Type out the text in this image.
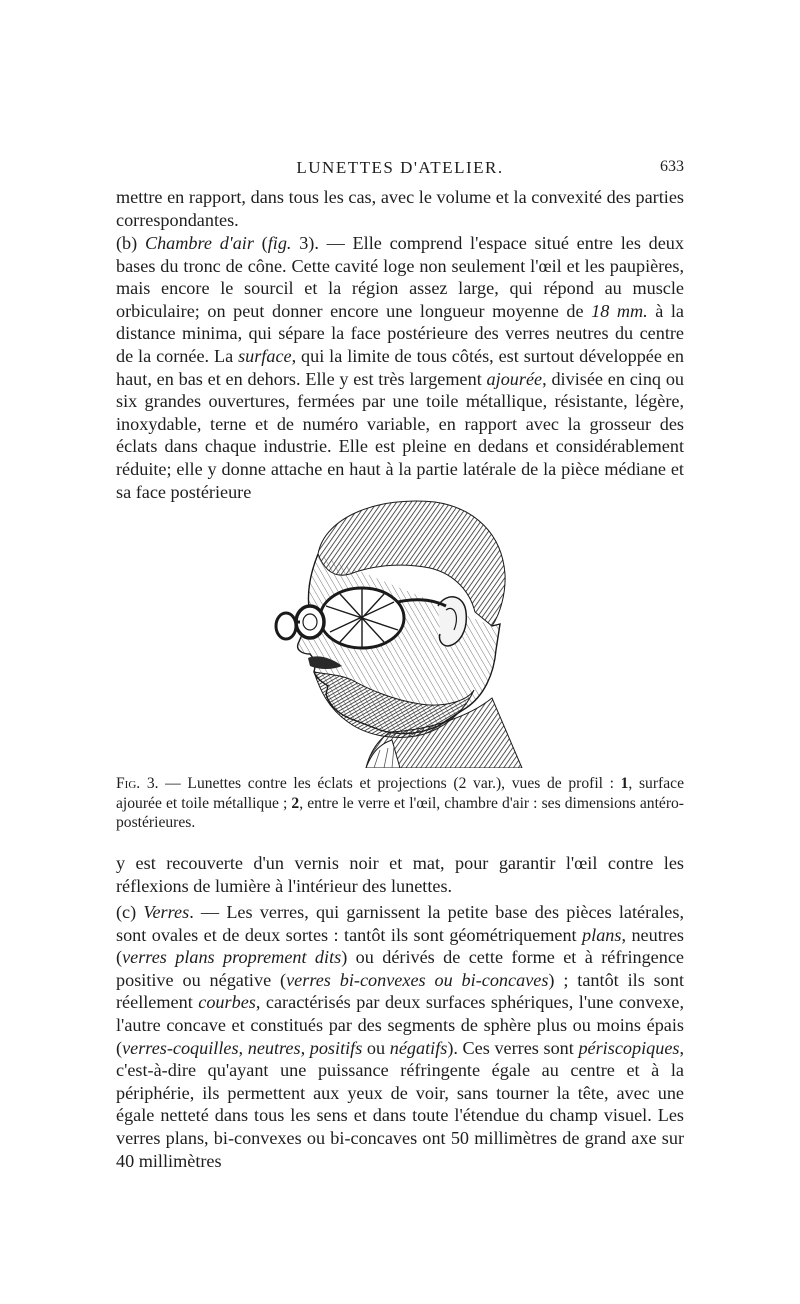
LUNETTES D'ATELIER.	633

mettre en rapport, dans tous les cas, avec le volume et la convexité des parties correspondantes.

(b) Chambre d'air (fig. 3). — Elle comprend l'espace situé entre les deux bases du tronc de cône. Cette cavité loge non seulement l'œil et les paupières, mais encore le sourcil et la région assez large, qui répond au muscle orbiculaire; on peut donner encore une longueur moyenne de 18 mm. à la distance minima, qui sépare la face postérieure des verres neutres du centre de la cornée. La surface, qui la limite de tous côtés, est surtout développée en haut, en bas et en dehors. Elle y est très largement ajourée, divisée en cinq ou six grandes ouvertures, fermées par une toile métallique, résistante, légère, inoxydable, terne et de numéro variable, en rapport avec la grosseur des éclats dans chaque industrie. Elle est pleine en dedans et considérablement réduite; elle y donne attache en haut à la partie latérale de la pièce médiane et sa face postérieure

Fig. 3. — Lunettes contre les éclats et projections (2 var.), vues de profil : 1, surface ajourée et toile métallique ; 2, entre le verre et l'œil, chambre d'air : ses dimensions antéro-postérieures.

y est recouverte d'un vernis noir et mat, pour garantir l'œil contre les réflexions de lumière à l'intérieur des lunettes.

(c) Verres. — Les verres, qui garnissent la petite base des pièces latérales, sont ovales et de deux sortes : tantôt ils sont géométriquement plans, neutres (verres plans proprement dits) ou dérivés de cette forme et à réfringence positive ou négative (verres bi-convexes ou bi-concaves) ; tantôt ils sont réellement courbes, caractérisés par deux surfaces sphériques, l'une convexe, l'autre concave et constitués par des segments de sphère plus ou moins épais (verres-coquilles, neutres, positifs ou négatifs). Ces verres sont périscopiques, c'est-à-dire qu'ayant une puissance réfringente égale au centre et à la périphérie, ils permettent aux yeux de voir, sans tourner la tête, avec une égale netteté dans tous les sens et dans toute l'étendue du champ visuel. Les verres plans, bi-convexes ou bi-concaves ont 50 millimètres de grand axe sur 40 millimètres
